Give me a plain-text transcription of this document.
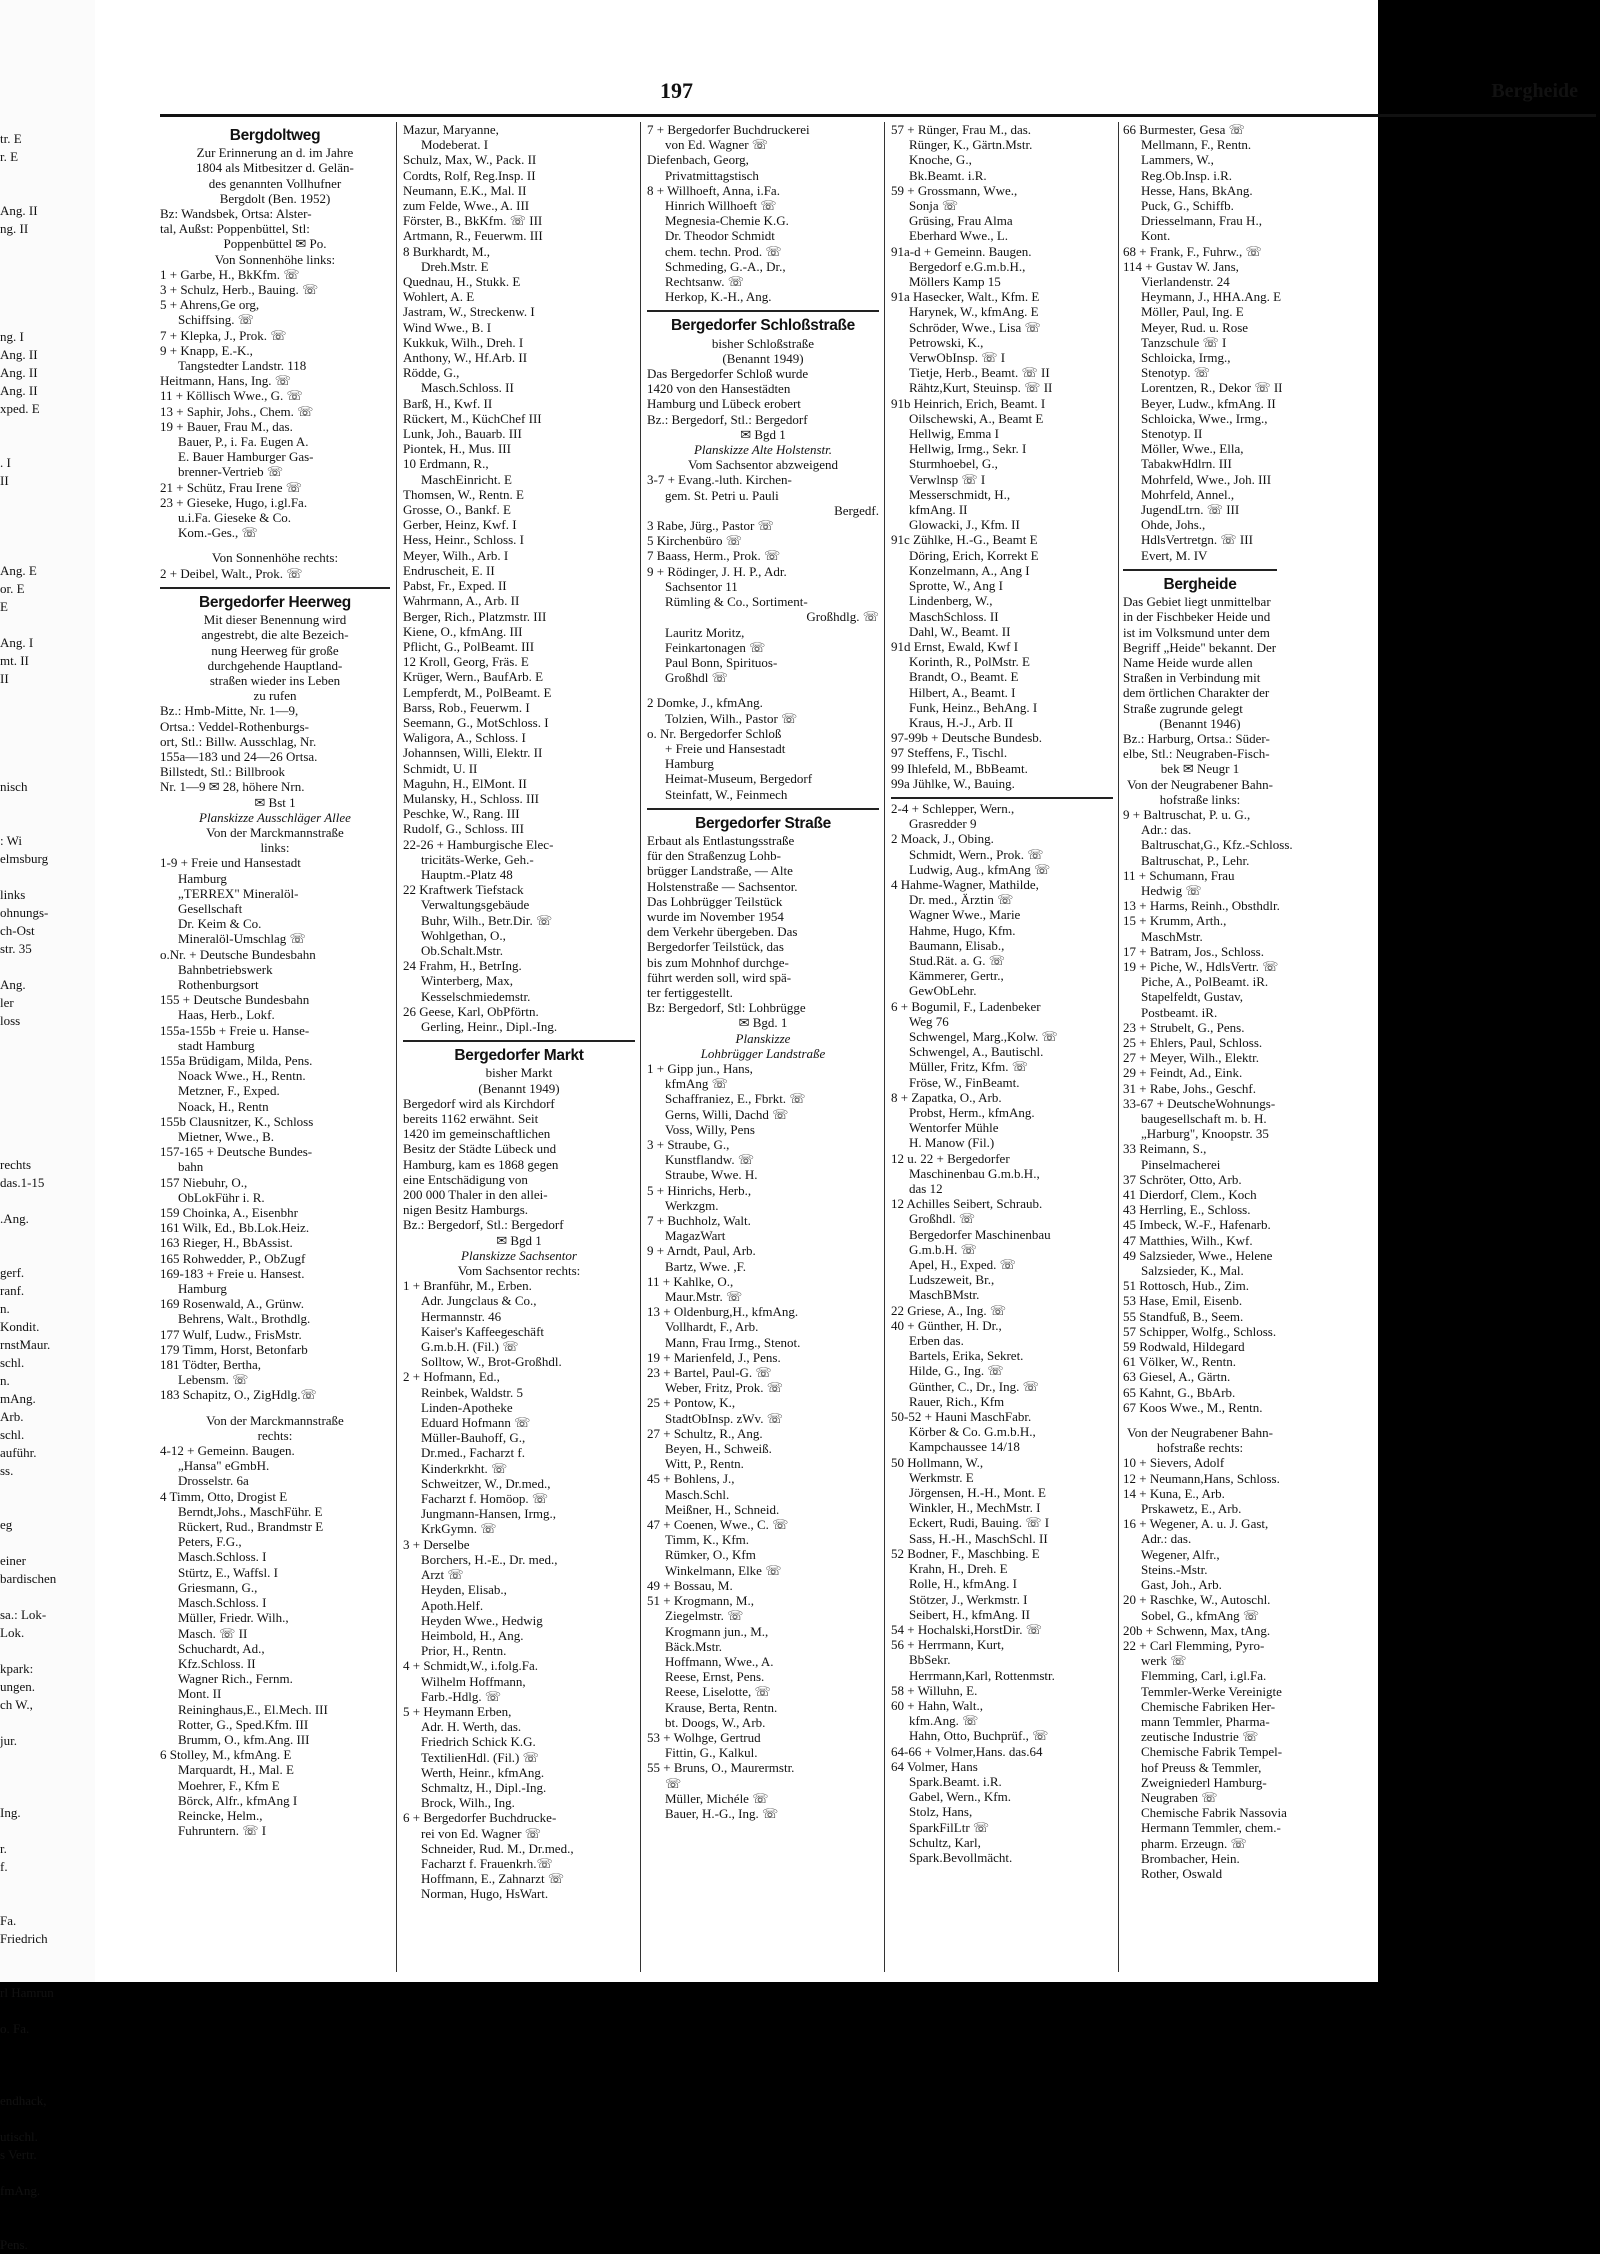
tr. E
r. E
Ang. II
ng. II
ng. I
Ang. II
Ang. II
Ang. II
xped. E
. I
II
Ang. E
or. E
E
Ang. I
mt. II
II
nisch
: Wi
elmsburg
links
ohnungs-
ch-Ost
str. 35
Ang.
ler
loss
rechts
das.1-15
.Ang.
gerf.
ranf.
n.
Kondit.
rnstMaur.
schl.
n.
mAng.
Arb.
schl.
auführ.
ss.
eg
einer
bardischen
sa.: Lok-
Lok.
kpark:
ungen.
ch W.,
jur.
Ing.
r.
f.
Fa.
Friedrich
rl Hamrun
o. Fa.
endhack,
utischl.
s Vertr.
fmAng.
Pens.
197	Bergheide
Bergdoltweg
Zur Erinnerung an d. im Jahre
1804 als Mitbesitzer d. Gelän-
des genannten Vollhufner
Bergdolt (Ben. 1952)
Bz: Wandsbek, Ortsa: Alster-
tal, Außst: Poppenbüttel, Stl:
Poppenbüttel ✉ Po.
Von Sonnenhöhe links:
1 + Garbe, H., BkKfm. ☏
3 + Schulz, Herb., Bauing. ☏
5 + Ahrens,Ge org,
Schiffsing. ☏
7 + Klepka, J., Prok. ☏
9 + Knapp, E.-K.,
Tangstedter Landstr. 118
Heitmann, Hans, Ing. ☏
11 + Köllisch Wwe., G. ☏
13 + Saphir, Johs., Chem. ☏
19 + Bauer, Frau M., das.
Bauer, P., i. Fa. Eugen A.
E. Bauer Hamburger Gas-
brenner-Vertrieb ☏
21 + Schütz, Frau Irene ☏
23 + Gieseke, Hugo, i.gl.Fa.
u.i.Fa. Gieseke & Co.
Kom.-Ges., ☏
Von Sonnenhöhe rechts:
2 + Deibel, Walt., Prok. ☏
Bergedorfer Heerweg
Mit dieser Benennung wird
angestrebt, die alte Bezeich-
nung Heerweg für große
durchgehende Hauptland-
straßen wieder ins Leben
zu rufen
Bz.: Hmb-Mitte, Nr. 1—9,
Ortsa.: Veddel-Rothenburgs-
ort, Stl.: Billw. Ausschlag, Nr.
155a—183 und 24—26 Ortsa.
Billstedt, Stl.: Billbrook
Nr. 1—9 ✉ 28, höhere Nrn.
✉ Bst 1
Planskizze Ausschläger Allee
Von der Marckmannstraße
links:
1-9 + Freie und Hansestadt
Hamburg
„TERREX" Mineralöl-
Gesellschaft
Dr. Keim & Co.
Mineralöl-Umschlag ☏
o.Nr. + Deutsche Bundesbahn
Bahnbetriebswerk
Rothenburgsort
155 + Deutsche Bundesbahn
Haas, Herb., Lokf.
155a-155b + Freie u. Hanse-
stadt Hamburg
155a Brüdigam, Milda, Pens.
Noack Wwe., H., Rentn.
Metzner, F., Exped.
Noack, H., Rentn
155b Clausnitzer, K., Schloss
Mietner, Wwe., B.
157-165 + Deutsche Bundes-
bahn
157 Niebuhr, O.,
ObLokFühr i. R.
159 Choinka, A., Eisenbhr
161 Wilk, Ed., Bb.Lok.Heiz.
163 Rieger, H., BbAssist.
165 Rohwedder, P., ObZugf
169-183 + Freie u. Hansest.
Hamburg
169 Rosenwald, A., Grünw.
Behrens, Walt., Brothdlg.
177 Wulf, Ludw., FrisMstr.
179 Timm, Horst, Betonfarb
181 Tödter, Bertha,
Lebensm. ☏
183 Schapitz, O., ZigHdlg.☏
Von der Marckmannstraße
rechts:
4-12 + Gemeinn. Baugen.
„Hansa" eGmbH.
Drosselstr. 6a
4 Timm, Otto, Drogist E
Berndt,Johs., MaschFühr. E
Rückert, Rud., Brandmstr E
Peters, F.G.,
Masch.Schloss. I
Stürtz, E., Waffsl. I
Griesmann, G.,
Masch.Schloss. I
Müller, Friedr. Wilh.,
Masch. ☏ II
Schuchardt, Ad.,
Kfz.Schloss. II
Wagner Rich., Fernm.
Mont. II
Reininghaus,E., El.Mech. III
Rotter, G., Sped.Kfm. III
Brumm, O., kfm.Ang. III
6 Stolley, M., kfmAng. E
Marquardt, H., Mal. E
Moehrer, F., Kfm E
Börck, Alfr., kfmAng I
Reincke, Helm.,
Fuhruntern. ☏ I
Mazur, Maryanne,
Modeberat. I
Schulz, Max, W., Pack. II
Cordts, Rolf, Reg.Insp. II
Neumann, E.K., Mal. II
zum Felde, Wwe., A. III
Förster, B., BkKfm. ☏ III
Artmann, R., Feuerwm. III
8 Burkhardt, M.,
Dreh.Mstr. E
Quednau, H., Stukk. E
Wohlert, A. E
Jastram, W., Streckenw. I
Wind Wwe., B. I
Kukkuk, Wilh., Dreh. I
Anthony, W., Hf.Arb. II
Rödde, G.,
Masch.Schloss. II
Barß, H., Kwf. II
Rückert, M., KüchChef III
Lunk, Joh., Bauarb. III
Piontek, H., Mus. III
10 Erdmann, R.,
MaschEinricht. E
Thomsen, W., Rentn. E
Grosse, O., Bankf. E
Gerber, Heinz, Kwf. I
Hess, Heinr., Schloss. I
Meyer, Wilh., Arb. I
Endruscheit, E. II
Pabst, Fr., Exped. II
Wahrmann, A., Arb. II
Berger, Rich., Platzmstr. III
Kiene, O., kfmAng. III
Pflicht, G., PolBeamt. III
12 Kroll, Georg, Fräs. E
Krüger, Wern., BaufArb. E
Lempferdt, M., PolBeamt. E
Barss, Rob., Feuerwm. I
Seemann, G., MotSchloss. I
Waligora, A., Schloss. I
Johannsen, Willi, Elektr. II
Schmidt, U. II
Maguhn, H., ElMont. II
Mulansky, H., Schloss. III
Peschke, W., Rang. III
Rudolf, G., Schloss. III
22-26 + Hamburgische Elec-
tricitäts-Werke, Geh.-
Hauptm.-Platz 48
22 Kraftwerk Tiefstack
Verwaltungsgebäude
Buhr, Wilh., Betr.Dir. ☏
Wohlgethan, O.,
Ob.Schalt.Mstr.
24 Frahm, H., BetrIng.
Winterberg, Max,
Kesselschmiedemstr.
26 Geese, Karl, ObPförtn.
Gerling, Heinr., Dipl.-Ing.
Bergedorfer Markt
bisher Markt
(Benannt 1949)
Bergedorf wird als Kirchdorf
bereits 1162 erwähnt. Seit
1420 im gemeinschaftlichen
Besitz der Städte Lübeck und
Hamburg, kam es 1868 gegen
eine Entschädigung von
200 000 Thaler in den allei-
nigen Besitz Hamburgs.
Bz.: Bergedorf, Stl.: Bergedorf
✉ Bgd 1
Planskizze Sachsentor
Vom Sachsentor rechts:
1 + Branführ, M., Erben.
Adr. Jungclaus & Co.,
Hermannstr. 46
Kaiser's Kaffeegeschäft
G.m.b.H. (Fil.) ☏
Solltow, W., Brot-Großhdl.
2 + Hofmann, Ed.,
Reinbek, Waldstr. 5
Linden-Apotheke
Eduard Hofmann ☏
Müller-Bauhoff, G.,
Dr.med., Facharzt f.
Kinderkrkht. ☏
Schweitzer, W., Dr.med.,
Facharzt f. Homöop. ☏
Jungmann-Hansen, Irmg.,
KrkGymn. ☏
3 + Derselbe
Borchers, H.-E., Dr. med.,
Arzt ☏
Heyden, Elisab.,
Apoth.Helf.
Heyden Wwe., Hedwig
Heimbold, H., Ang.
Prior, H., Rentn.
4 + Schmidt,W., i.folg.Fa.
Wilhelm Hoffmann,
Farb.-Hdlg. ☏
5 + Heymann Erben,
Adr. H. Werth, das.
Friedrich Schick K.G.
TextilienHdl. (Fil.) ☏
Werth, Heinr., kfmAng.
Schmaltz, H., Dipl.-Ing.
Brock, Wilh., Ing.
6 + Bergedorfer Buchdrucke-
rei von Ed. Wagner ☏
Schneider, Rud. M., Dr.med.,
Facharzt f. Frauenkrh.☏
Hoffmann, E., Zahnarzt ☏
Norman, Hugo, HsWart.
7 + Bergedorfer Buchdruckerei
von Ed. Wagner ☏
Diefenbach, Georg,
Privatmittagstisch
8 + Willhoeft, Anna, i.Fa.
Hinrich Willhoeft ☏
Megnesia-Chemie K.G.
Dr. Theodor Schmidt
chem. techn. Prod. ☏
Schmeding, G.-A., Dr.,
Rechtsanw. ☏
Herkop, K.-H., Ang.
Bergedorfer Schloßstraße
bisher Schloßstraße
(Benannt 1949)
Das Bergedorfer Schloß wurde
1420 von den Hansestädten
Hamburg und Lübeck erobert
Bz.: Bergedorf, Stl.: Bergedorf
✉ Bgd 1
Planskizze Alte Holstenstr.
Vom Sachsentor abzweigend
3-7 + Evang.-luth. Kirchen-
gem. St. Petri u. Pauli
Bergedf.
3 Rabe, Jürg., Pastor ☏
5 Kirchenbüro ☏
7 Baass, Herm., Prok. ☏
9 + Rödinger, J. H. P., Adr.
Sachsentor 11
Rümling & Co., Sortiment-
Großhdlg. ☏
Lauritz Moritz,
Feinkartonagen ☏
Paul Bonn, Spirituos-
Großhdl ☏
2 Domke, J., kfmAng.
Tolzien, Wilh., Pastor ☏
o. Nr. Bergedorfer Schloß
+ Freie und Hansestadt
Hamburg
Heimat-Museum, Bergedorf
Steinfatt, W., Feinmech
Bergedorfer Straße
Erbaut als Entlastungsstraße
für den Straßenzug Lohb-
brügger Landstraße, — Alte
Holstenstraße — Sachsentor.
Das Lohbrügger Teilstück
wurde im November 1954
dem Verkehr übergeben. Das
Bergedorfer Teilstück, das
bis zum Mohnhof durchge-
führt werden soll, wird spä-
ter fertiggestellt.
Bz: Bergedorf, Stl: Lohbrügge
✉ Bgd. 1
Planskizze
Lohbrügger Landstraße
1 + Gipp jun., Hans,
kfmAng ☏
Schaffraniez, E., Fbrkt. ☏
Gerns, Willi, Dachd ☏
Voss, Willy, Pens
3 + Straube, G.,
Kunstflandw. ☏
Straube, Wwe. H.
5 + Hinrichs, Herb.,
Werkzgm.
7 + Buchholz, Walt.
MagazWart
9 + Arndt, Paul, Arb.
Bartz, Wwe. ,F.
11 + Kahlke, O.,
Maur.Mstr. ☏
13 + Oldenburg,H., kfmAng.
Vollhardt, F., Arb.
Mann, Frau Irmg., Stenot.
19 + Marienfeld, J., Pens.
23 + Bartel, Paul-G. ☏
Weber, Fritz, Prok. ☏
25 + Pontow, K.,
StadtObInsp. zWv. ☏
27 + Schultz, R., Ang.
Beyen, H., Schweiß.
Witt, P., Rentn.
45 + Bohlens, J.,
Masch.Schl.
Meißner, H., Schneid.
47 + Coenen, Wwe., C. ☏
Timm, K., Kfm.
Rümker, O., Kfm
Winkelmann, Elke ☏
49 + Bossau, M.
51 + Krogmann, M.,
Ziegelmstr. ☏
Krogmann jun., M.,
Bäck.Mstr.
Hoffmann, Wwe., A.
Reese, Ernst, Pens.
Reese, Liselotte, ☏
Krause, Berta, Rentn.
bt. Doogs, W., Arb.
53 + Wolhge, Gertrud
Fittin, G., Kalkul.
55 + Bruns, O., Maurermstr.
☏
Müller, Michéle ☏
Bauer, H.-G., Ing. ☏
57 + Rünger, Frau M., das.
Rünger, K., Gärtn.Mstr.
Knoche, G.,
Bk.Beamt. i.R.
59 + Grossmann, Wwe.,
Sonja ☏
Grüsing, Frau Alma
Eberhard Wwe., L.
91a-d + Gemeinn. Baugen.
Bergedorf e.G.m.b.H.,
Möllers Kamp 15
91a Hasecker, Walt., Kfm. E
Harynek, W., kfmAng. E
Schröder, Wwe., Lisa ☏
Petrowski, K.,
VerwObInsp. ☏ I
Tietje, Herb., Beamt. ☏ II
Rähtz,Kurt, Steuinsp. ☏ II
91b Heinrich, Erich, Beamt. I
Oilschewski, A., Beamt E
Hellwig, Emma I
Hellwig, Irmg., Sekr. I
Sturmhoebel, G.,
Verwlnsp ☏ I
Messerschmidt, H.,
kfmAng. II
Glowacki, J., Kfm. II
91c Zühlke, H.-G., Beamt E
Döring, Erich, Korrekt E
Konzelmann, A., Ang I
Sprotte, W., Ang I
Lindenberg, W.,
MaschSchloss. II
Dahl, W., Beamt. II
91d Ernst, Ewald, Kwf I
Korinth, R., PolMstr. E
Brandt, O., Beamt. E
Hilbert, A., Beamt. I
Funk, Heinz., BehAng. I
Kraus, H.-J., Arb. II
97-99b + Deutsche Bundesb.
97 Steffens, F., Tischl.
99 Ihlefeld, M., BbBeamt.
99a Jühlke, W., Bauing.
2-4 + Schlepper, Wern.,
Grasredder 9
2 Moack, J., Obing.
Schmidt, Wern., Prok. ☏
Ludwig, Aug., kfmAng ☏
4 Hahme-Wagner, Mathilde,
Dr. med., Ärztin ☏
Wagner Wwe., Marie
Hahme, Hugo, Kfm.
Baumann, Elisab.,
Stud.Rät. a. G. ☏
Kämmerer, Gertr.,
GewObLehr.
6 + Bogumil, F., Ladenbeker
Weg 76
Schwengel, Marg.,Kolw. ☏
Schwengel, A., Bautischl.
Müller, Fritz, Kfm. ☏
Fröse, W., FinBeamt.
8 + Zapatka, O., Arb.
Probst, Herm., kfmAng.
Wentorfer Mühle
H. Manow (Fil.)
12 u. 22 + Bergedorfer
Maschinenbau G.m.b.H.,
das 12
12 Achilles Seibert, Schraub.
Großhdl. ☏
Bergedorfer Maschinenbau
G.m.b.H. ☏
Apel, H., Exped. ☏
Ludszeweit, Br.,
MaschBMstr.
22 Griese, A., Ing. ☏
40 + Günther, H. Dr.,
Erben das.
Bartels, Erika, Sekret.
Hilde, G., Ing. ☏
Günther, C., Dr., Ing. ☏
Rauer, Rich., Kfm
50-52 + Hauni MaschFabr.
Körber & Co. G.m.b.H.,
Kampchaussee 14/18
50 Hollmann, W.,
Werkmstr. E
Jörgensen, H.-H., Mont. E
Winkler, H., MechMstr. I
Eckert, Rudi, Bauing. ☏ I
Sass, H.-H., MaschSchl. II
52 Bodner, F., Maschbing. E
Krahn, H., Dreh. E
Rolle, H., kfmAng. I
Stötzer, J., Werkmstr. I
Seibert, H., kfmAng. II
54 + Hochalski,HorstDir. ☏
56 + Herrmann, Kurt,
BbSekr.
Herrmann,Karl, Rottenmstr.
58 + Willuhn, E.
60 + Hahn, Walt.,
kfm.Ang. ☏
Hahn, Otto, Buchprüf., ☏
64-66 + Volmer,Hans. das.64
64 Volmer, Hans
Spark.Beamt. i.R.
Gabel, Wern., Kfm.
Stolz, Hans,
SparkFilLtr ☏
Schultz, Karl,
Spark.Bevollmächt.
66 Burmester, Gesa ☏
Mellmann, F., Rentn.
Lammers, W.,
Reg.Ob.Insp. i.R.
Hesse, Hans, BkAng.
Puck, G., Schiffb.
Driesselmann, Frau H.,
Kont.
68 + Frank, F., Fuhrw., ☏
114 + Gustav W. Jans,
Vierlandenstr. 24
Heymann, J., HHA.Ang. E
Möller, Paul, Ing. E
Meyer, Rud. u. Rose
Tanzschule ☏ I
Schloicka, Irmg.,
Stenotyp. ☏
Lorentzen, R., Dekor ☏ II
Beyer, Ludw., kfmAng. II
Schloicka, Wwe., Irmg.,
Stenotyp. II
Möller, Wwe., Ella,
TabakwHdlrn. III
Mohrfeld, Wwe., Joh. III
Mohrfeld, Annel.,
JugendLtrn. ☏ III
Ohde, Johs.,
HdlsVertretgn. ☏ III
Evert, M. IV
Bergheide
Das Gebiet liegt unmittelbar
in der Fischbeker Heide und
ist im Volksmund unter dem
Begriff „Heide" bekannt. Der
Name Heide wurde allen
Straßen in Verbindung mit
dem örtlichen Charakter der
Straße zugrunde gelegt
(Benannt 1946)
Bz.: Harburg, Ortsa.: Süder-
elbe, Stl.: Neugraben-Fisch-
bek ✉ Neugr 1
Von der Neugrabener Bahn-
hofstraße links:
9 + Baltruschat, P. u. G.,
Adr.: das.
Baltruschat,G., Kfz.-Schloss.
Baltruschat, P., Lehr.
11 + Schumann, Frau
Hedwig ☏
13 + Harms, Reinh., Obsthdlr.
15 + Krumm, Arth.,
MaschMstr.
17 + Batram, Jos., Schloss.
19 + Piche, W., HdlsVertr. ☏
Piche, A., PolBeamt. iR.
Stapelfeldt, Gustav,
Postbeamt. iR.
23 + Strubelt, G., Pens.
25 + Ehlers, Paul, Schloss.
27 + Meyer, Wilh., Elektr.
29 + Feindt, Ad., Eink.
31 + Rabe, Johs., Geschf.
33-67 + DeutscheWohnungs-
baugesellschaft m. b. H.
„Harburg", Knoopstr. 35
33 Reimann, S.,
Pinselmacherei
37 Schröter, Otto, Arb.
41 Dierdorf, Clem., Koch
43 Herrling, E., Schloss.
45 Imbeck, W.-F., Hafenarb.
47 Matthies, Wilh., Kwf.
49 Salzsieder, Wwe., Helene
Salzsieder, K., Mal.
51 Rottosch, Hub., Zim.
53 Hase, Emil, Eisenb.
55 Standfuß, B., Seem.
57 Schipper, Wolfg., Schloss.
59 Rodwald, Hildegard
61 Völker, W., Rentn.
63 Giesel, A., Gärtn.
65 Kahnt, G., BbArb.
67 Koos Wwe., M., Rentn.
Von der Neugrabener Bahn-
hofstraße rechts:
10 + Sievers, Adolf
12 + Neumann,Hans, Schloss.
14 + Kuna, E., Arb.
Prskawetz, E., Arb.
16 + Wegener, A. u. J. Gast,
Adr.: das.
Wegener, Alfr.,
Steins.-Mstr.
Gast, Joh., Arb.
20 + Raschke, W., Autoschl.
Sobel, G., kfmAng ☏
20b + Schwenn, Max, tAng.
22 + Carl Flemming, Pyro-
werk ☏
Flemming, Carl, i.gl.Fa.
Temmler-Werke Vereinigte
Chemische Fabriken Her-
mann Temmler, Pharma-
zeutische Industrie ☏
Chemische Fabrik Tempel-
hof Preuss & Temmler,
Zweigniederl Hamburg-
Neugraben ☏
Chemische Fabrik Nassovia
Hermann Temmler, chem.-
pharm. Erzeugn. ☏
Brombacher, Hein.
Rother, Oswald
